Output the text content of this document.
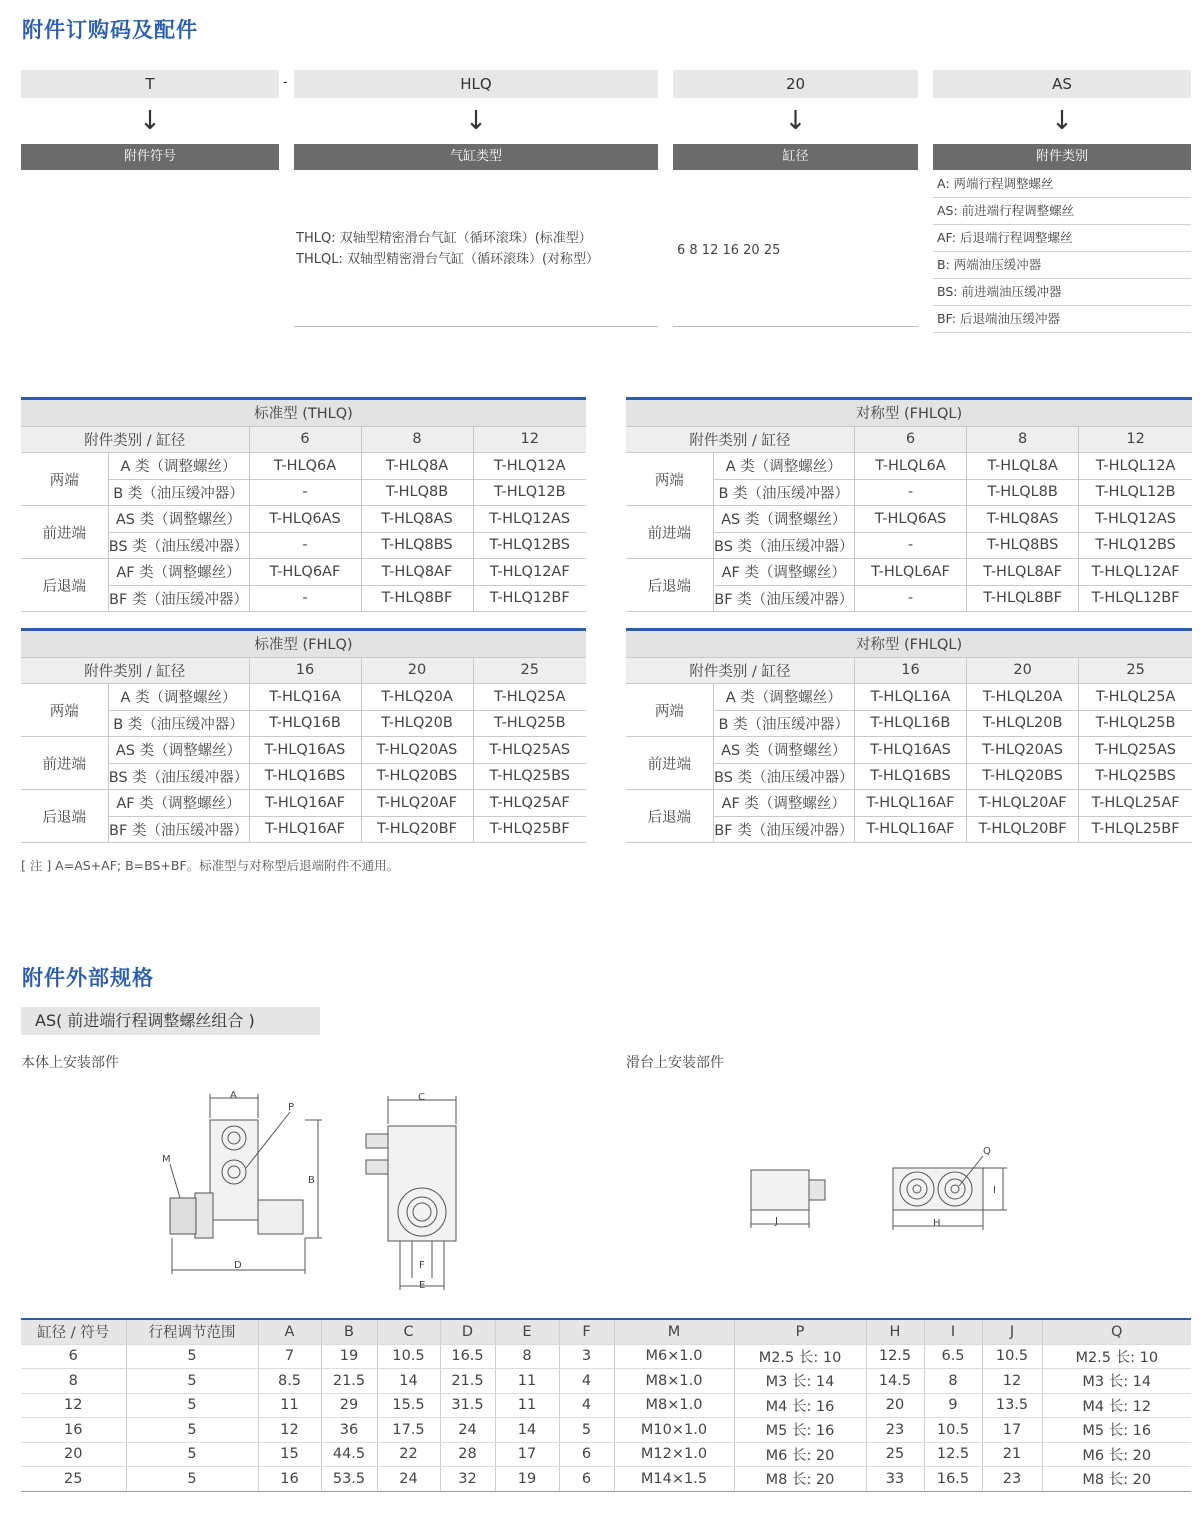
附件订购码及配件
T	-	HLQ	20	AS
↓	↓	↓	↓
附件符号	气缸类型	缸径	附件类别
THLQ: 双轴型精密滑台气缸（循环滚珠）(标准型）
THLQL: 双轴型精密滑台气缸（循环滚珠）(对称型）
6 8 12 16 20 25
A: 两端行程调整螺丝
AS: 前进端行程调整螺丝
AF: 后退端行程调整螺丝
B: 两端油压缓冲器
BS: 前进端油压缓冲器
BF: 后退端油压缓冲器
标准型 (THLQ)				
附件类别 / 缸径		6	8	12
两端	A 类（调整螺丝）	T-HLQ6A	T-HLQ8A	T-HLQ12A
	B 类（油压缓冲器）	-	T-HLQ8B	T-HLQ12B
前进端	AS 类（调整螺丝）	T-HLQ6AS	T-HLQ8AS	T-HLQ12AS
	BS 类（油压缓冲器）	-	T-HLQ8BS	T-HLQ12BS
后退端	AF 类（调整螺丝）	T-HLQ6AF	T-HLQ8AF	T-HLQ12AF
	BF 类（油压缓冲器）	-	T-HLQ8BF	T-HLQ12BF
对称型 (FHLQL)				
附件类别 / 缸径		6	8	12
两端	A 类（调整螺丝）	T-HLQL6A	T-HLQL8A	T-HLQL12A
	B 类（油压缓冲器）	-	T-HLQL8B	T-HLQL12B
前进端	AS 类（调整螺丝）	T-HLQ6AS	T-HLQ8AS	T-HLQ12AS
	BS 类（油压缓冲器）	-	T-HLQ8BS	T-HLQ12BS
后退端	AF 类（调整螺丝）	T-HLQL6AF	T-HLQL8AF	T-HLQL12AF
	BF 类（油压缓冲器）	-	T-HLQL8BF	T-HLQL12BF
标准型 (FHLQ)				
附件类别 / 缸径		16	20	25
两端	A 类（调整螺丝）	T-HLQ16A	T-HLQ20A	T-HLQ25A
	B 类（油压缓冲器）	T-HLQ16B	T-HLQ20B	T-HLQ25B
前进端	AS 类（调整螺丝）	T-HLQ16AS	T-HLQ20AS	T-HLQ25AS
	BS 类（油压缓冲器）	T-HLQ16BS	T-HLQ20BS	T-HLQ25BS
后退端	AF 类（调整螺丝）	T-HLQ16AF	T-HLQ20AF	T-HLQ25AF
	BF 类（油压缓冲器）	T-HLQ16AF	T-HLQ20BF	T-HLQ25BF
对称型 (FHLQL)				
附件类别 / 缸径		16	20	25
两端	A 类（调整螺丝）	T-HLQL16A	T-HLQL20A	T-HLQL25A
	B 类（油压缓冲器）	T-HLQL16B	T-HLQL20B	T-HLQL25B
前进端	AS 类（调整螺丝）	T-HLQ16AS	T-HLQ20AS	T-HLQ25AS
	BS 类（油压缓冲器）	T-HLQ16BS	T-HLQ20BS	T-HLQ25BS
后退端	AF 类（调整螺丝）	T-HLQL16AF	T-HLQL20AF	T-HLQL25AF
	BF 类（油压缓冲器）	T-HLQL16AF	T-HLQL20BF	T-HLQL25BF
[ 注 ] A=AS+AF; B=BS+BF。标准型与对称型后退端附件不通用。
附件外部规格
AS( 前进端行程调整螺丝组合 )
本体上安装部件	滑台上安装部件
A
P
M
B
D
C
F
E
J
Q
I
H
缸径 / 符号	行程调节范围	A	B	C	D	E	F	M	P	H	I	J	Q
6	5	7	19	10.5	16.5	8	3	M6×1.0	M2.5 长: 10	12.5	6.5	10.5	M2.5 长: 10
8	5	8.5	21.5	14	21.5	11	4	M8×1.0	M3 长: 14	14.5	8	12	M3 长: 14
12	5	11	29	15.5	31.5	11	4	M8×1.0	M4 长: 16	20	9	13.5	M4 长: 12
16	5	12	36	17.5	24	14	5	M10×1.0	M5 长: 16	23	10.5	17	M5 长: 16
20	5	15	44.5	22	28	17	6	M12×1.0	M6 长: 20	25	12.5	21	M6 长: 20
25	5	16	53.5	24	32	19	6	M14×1.5	M8 长: 20	33	16.5	23	M8 长: 20
